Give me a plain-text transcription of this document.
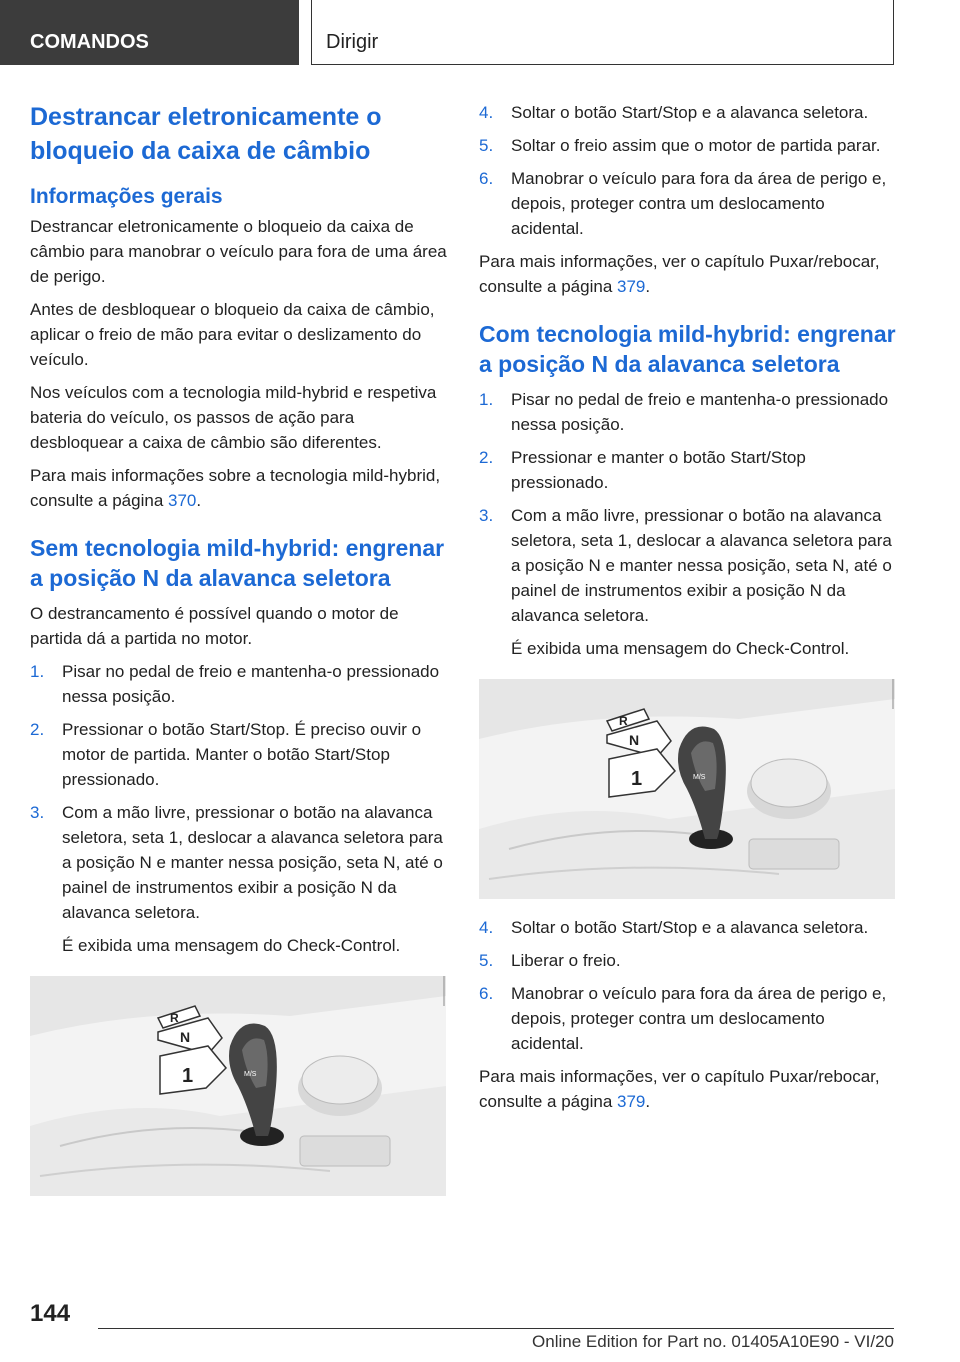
COMANDOS	Dirigir
Destrancar eletronicamente o bloqueio da caixa de câmbio
Informações gerais

Destrancar eletronicamente o bloqueio da caixa de câmbio para manobrar o veículo para fora de uma área de perigo.

Antes de desbloquear o bloqueio da caixa de câmbio, aplicar o freio de mão para evitar o deslizamento do veículo.

Nos veículos com a tecnologia mild-hybrid e respetiva bateria do veículo, os passos de ação para desbloquear a caixa de câmbio são diferentes.

Para mais informações sobre a tecnologia mild-hybrid, consulte a página 370.

Sem tecnologia mild-hybrid: engrenar a posição N da alavanca seletora

O destrancamento é possível quando o motor de partida dá a partida no motor.

1. Pisar no pedal de freio e mantenha-o pressionado nessa posição.
2. Pressionar o botão Start/Stop. É preciso ouvir o motor de partida. Manter o botão Start/Stop pressionado.
3. Com a mão livre, pressionar o botão na alavanca seletora, seta 1, deslocar a alavanca seletora para a posição N e manter nessa posição, seta N, até o painel de instrumentos exibir a posição N da alavanca seletora.
É exibida uma mensagem do Check-Control.
M/S
R
N
1
4. Soltar o botão Start/Stop e a alavanca seletora.
5. Soltar o freio assim que o motor de partida parar.
6. Manobrar o veículo para fora da área de perigo e, depois, proteger contra um deslocamento acidental.

Para mais informações, ver o capítulo Puxar/rebocar, consulte a página 379.

Com tecnologia mild-hybrid: engrenar a posição N da alavanca seletora
1. Pisar no pedal de freio e mantenha-o pressionado nessa posição.
2. Pressionar e manter o botão Start/Stop pressionado.
3. Com a mão livre, pressionar o botão na alavanca seletora, seta 1, deslocar a alavanca seletora para a posição N e manter nessa posição, seta N, até o painel de instrumentos exibir a posição N da alavanca seletora.
É exibida uma mensagem do Check-Control.
M/S
R
N
1
4. Soltar o botão Start/Stop e a alavanca seletora.
5. Liberar o freio.
6. Manobrar o veículo para fora da área de perigo e, depois, proteger contra um deslocamento acidental.

Para mais informações, ver o capítulo Puxar/rebocar, consulte a página 379.

144
Online Edition for Part no. 01405A10E90 - VI/20
